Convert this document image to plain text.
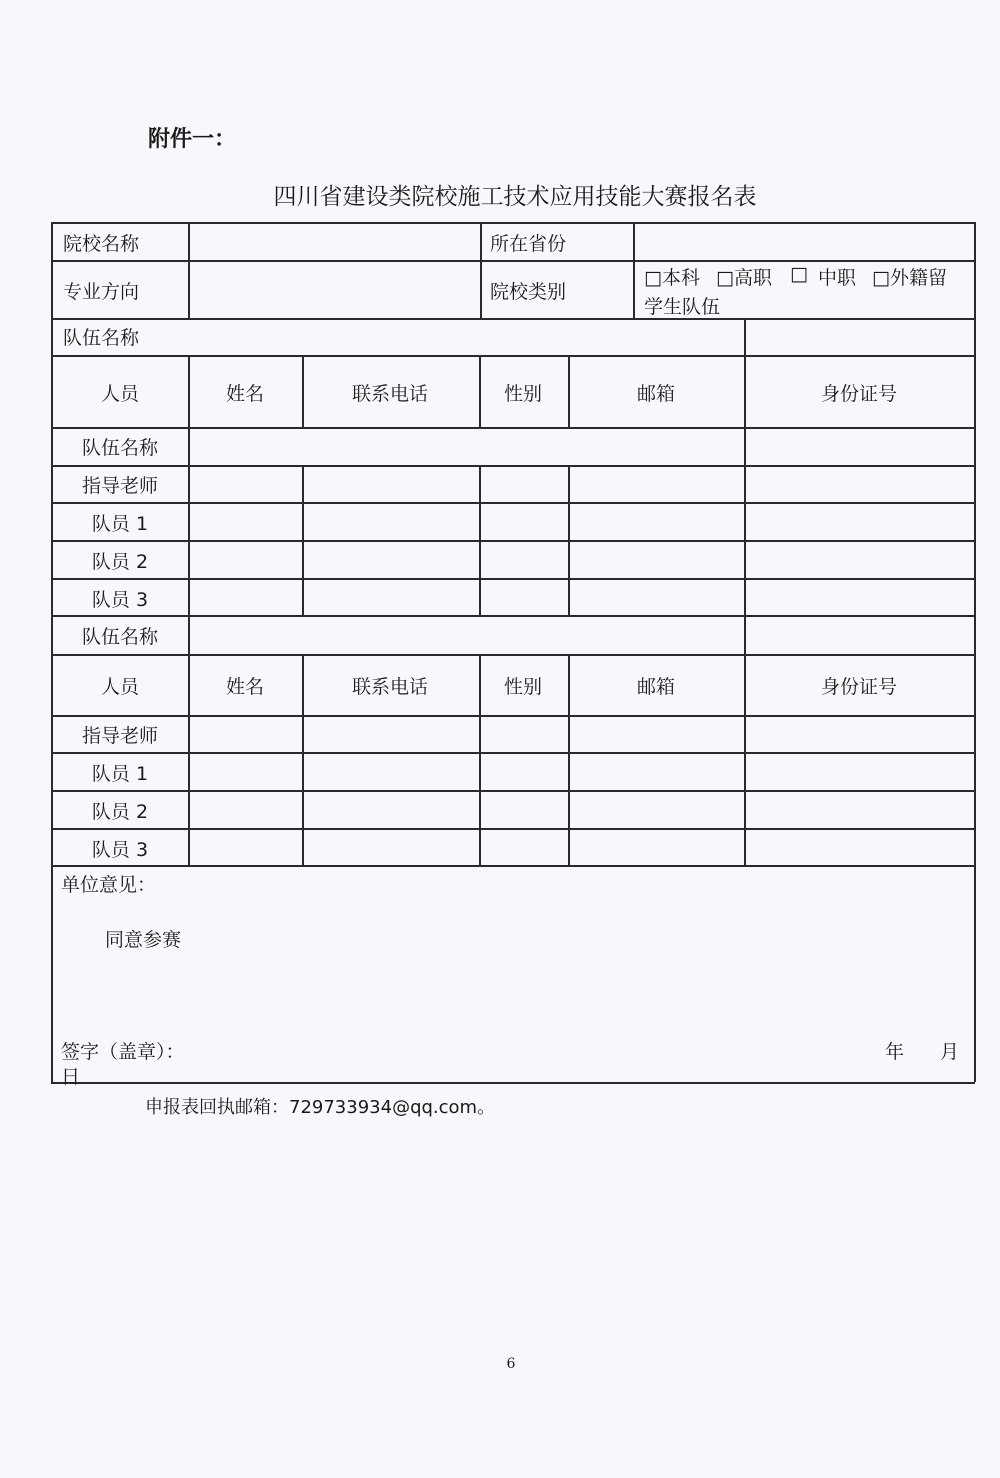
附件一：
四川省建设类院校施工技术应用技能大赛报名表
申报表回执邮箱：729733934@qq.com。
6
院校名称	所在省份
专业方向	院校类别
□本科 □高职 □ 中职 □外籍留
学生队伍
队伍名称
人员	姓名	联系电话	性别	邮箱	身份证号
队伍名称
指导老师
队员 1
队员 2
队员 3
队伍名称
人员	姓名	联系电话	性别	邮箱	身份证号
指导老师
队员 1
队员 2
队员 3
单位意见：
同意参赛
签字（盖章）：	年 月
日
